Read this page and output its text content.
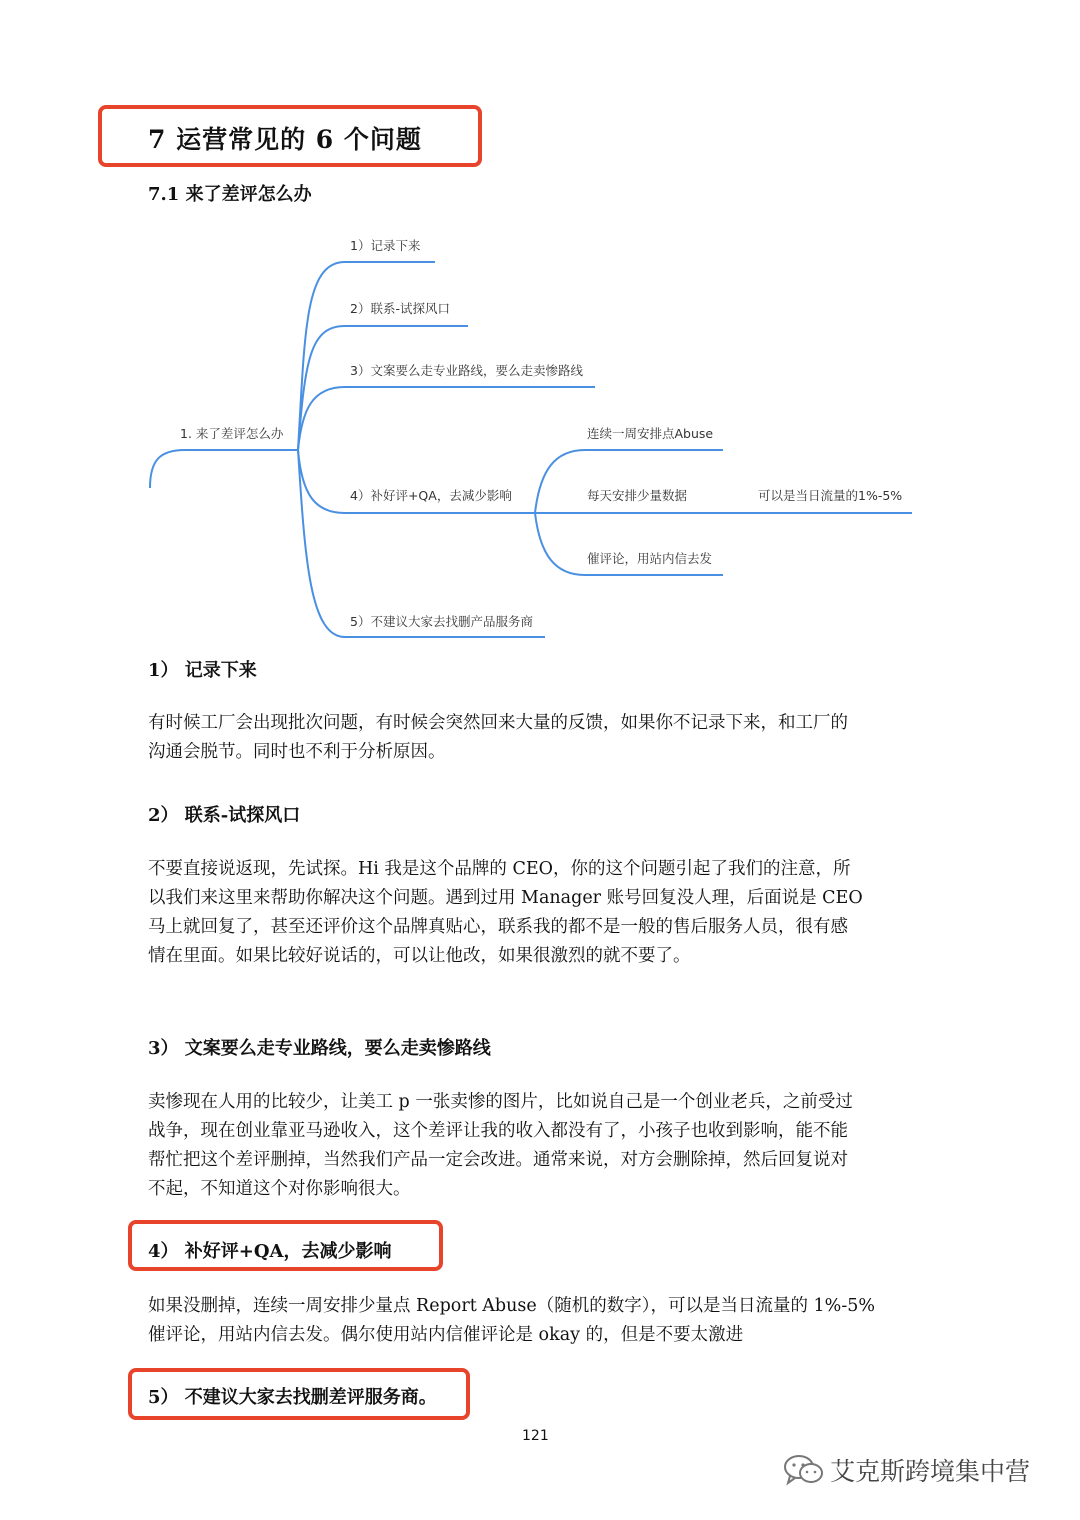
7 运营常见的 6 个问题
7.1 来了差评怎么办
1. 来了差评怎么办
1）记录下来
2）联系-试探风口
3）文案要么走专业路线，要么走卖惨路线
4）补好评+QA，去减少影响
5）不建议大家去找删产品服务商
连续一周安排点Abuse
每天安排少量数据
催评论，用站内信去发
可以是当日流量的1%-5%
1） 记录下来
有时候工厂会出现批次问题，有时候会突然回来大量的反馈，如果你不记录下来，和工厂的
沟通会脱节。同时也不利于分析原因。
2） 联系-试探风口
不要直接说返现，先试探。Hi 我是这个品牌的 CEO，你的这个问题引起了我们的注意，所
以我们来这里来帮助你解决这个问题。遇到过用 Manager 账号回复没人理，后面说是 CEO
马上就回复了，甚至还评价这个品牌真贴心，联系我的都不是一般的售后服务人员，很有感
情在里面。如果比较好说话的，可以让他改，如果很激烈的就不要了。
3） 文案要么走专业路线，要么走卖惨路线
卖惨现在人用的比较少，让美工 p 一张卖惨的图片，比如说自己是一个创业老兵，之前受过
战争，现在创业靠亚马逊收入，这个差评让我的收入都没有了，小孩子也收到影响，能不能
帮忙把这个差评删掉，当然我们产品一定会改进。通常来说，对方会删除掉，然后回复说对
不起，不知道这个对你影响很大。
4） 补好评+QA，去减少影响
如果没删掉，连续一周安排少量点 Report Abuse（随机的数字），可以是当日流量的 1%-5%
催评论，用站内信去发。偶尔使用站内信催评论是 okay 的，但是不要太激进
5） 不建议大家去找删差评服务商。
121
艾克斯跨境集中营
